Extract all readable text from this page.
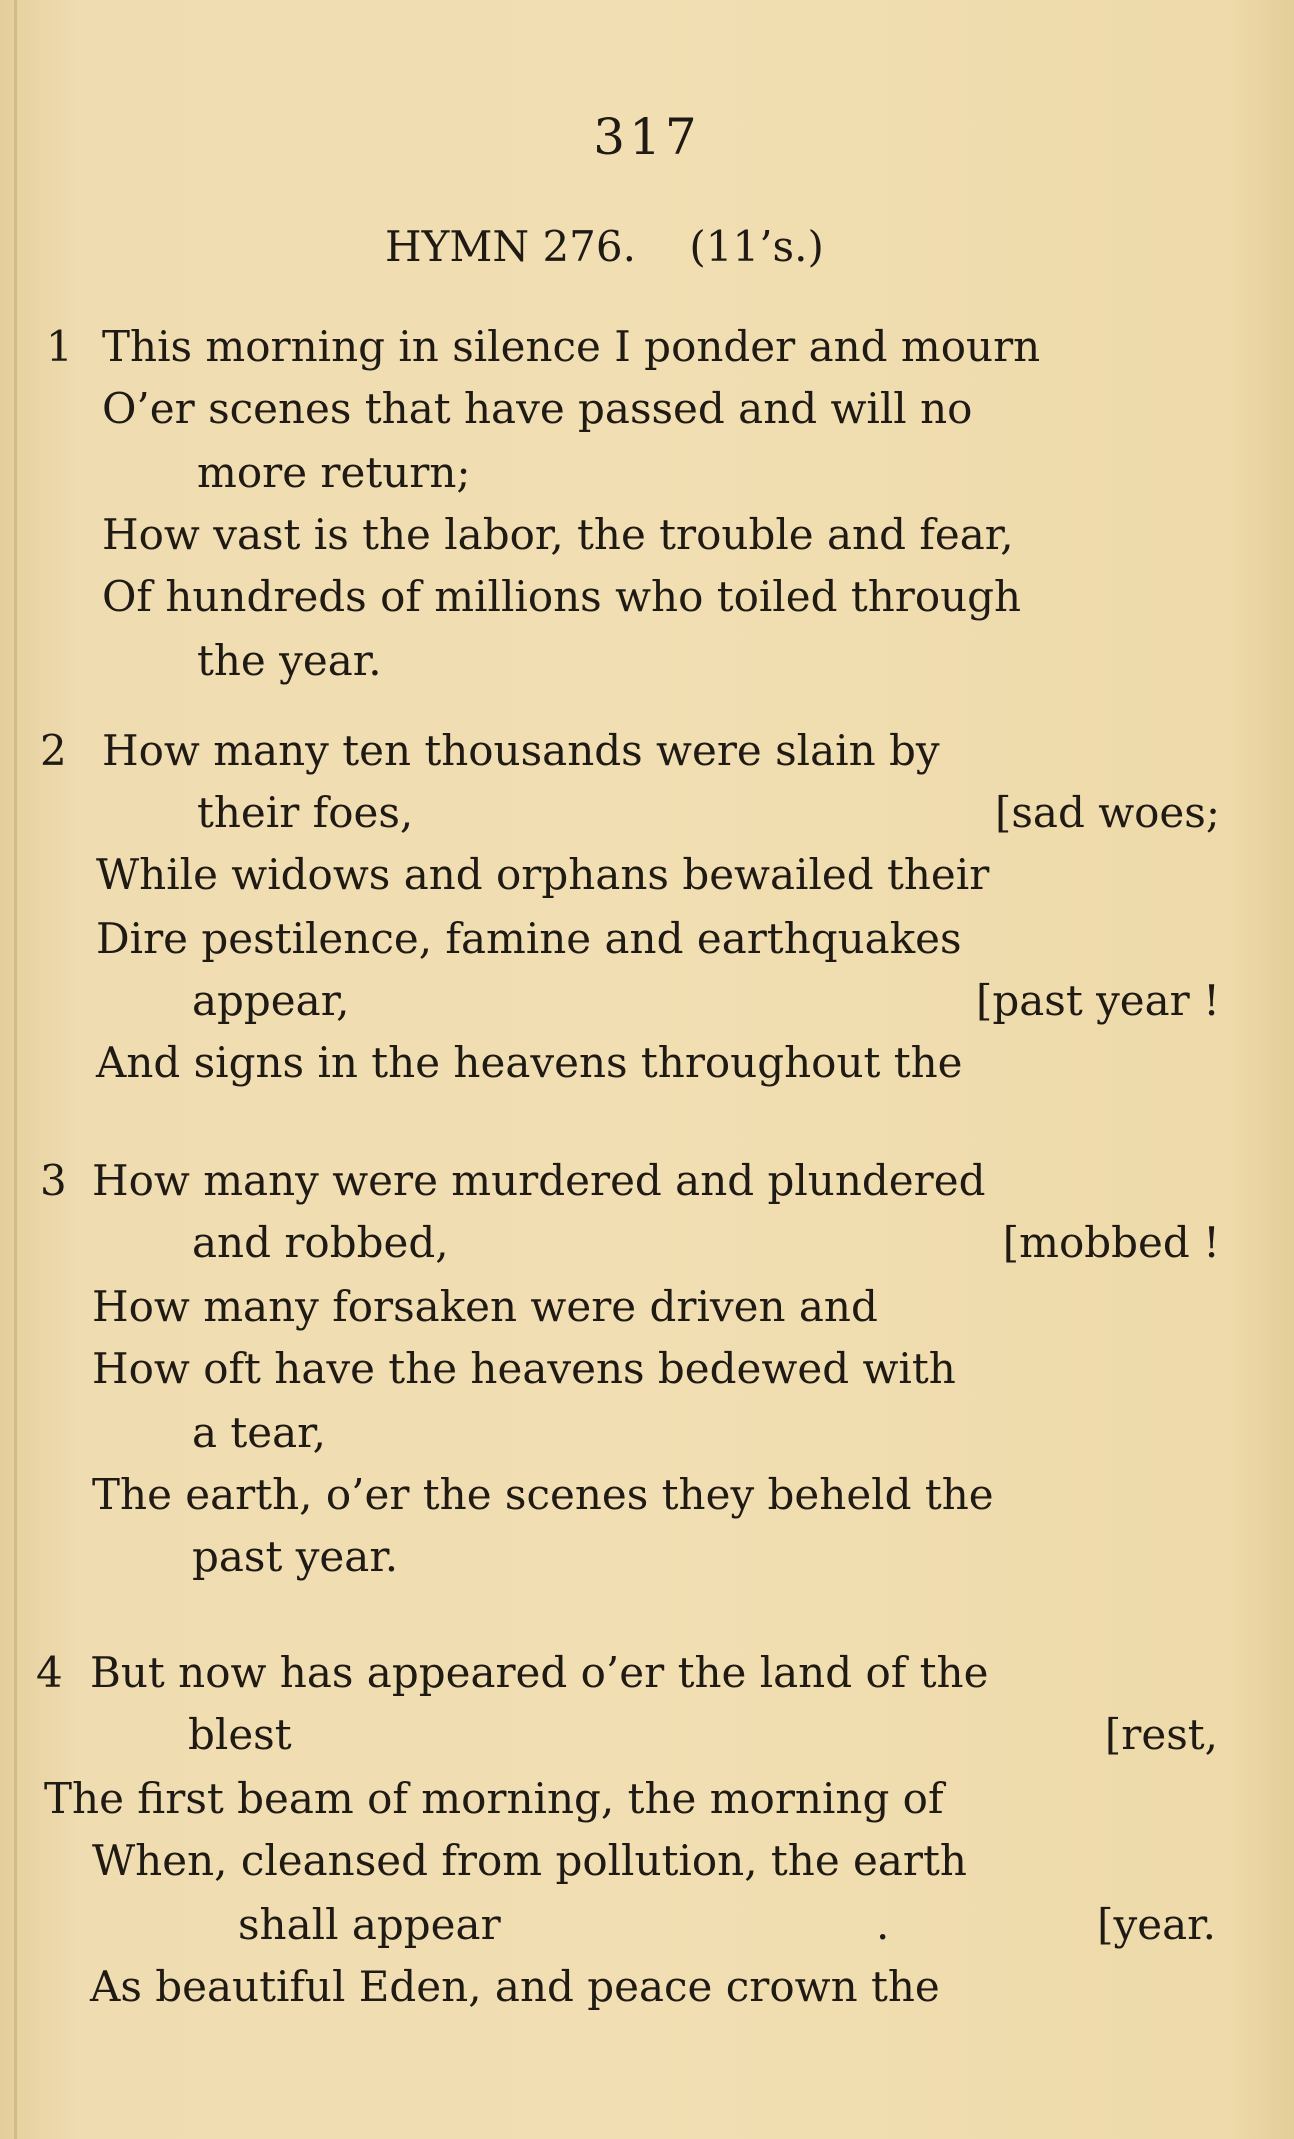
317
HYMN 276.    (11’s.)
1 This morning in silence I ponder and mourn
O’er scenes that have passed and will no
more return;
How vast is the labor, the trouble and fear,
Of hundreds of millions who toiled through
the year.
2 How many ten thousands were slain by
their foes,	[sad woes;
While widows and orphans bewailed their
Dire pestilence, famine and earthquakes
appear,	[past year !
And signs in the heavens throughout the
3 How many were murdered and plundered
and robbed,	[mobbed !
How many forsaken were driven and
How oft have the heavens bedewed with
a tear,
The earth, o’er the scenes they beheld the
past year.
4 But now has appeared o’er the land of the
blest	[rest,
The first beam of morning, the morning of
When, cleansed from pollution, the earth
shall appear	.	[year.
As beautiful Eden, and peace crown the
